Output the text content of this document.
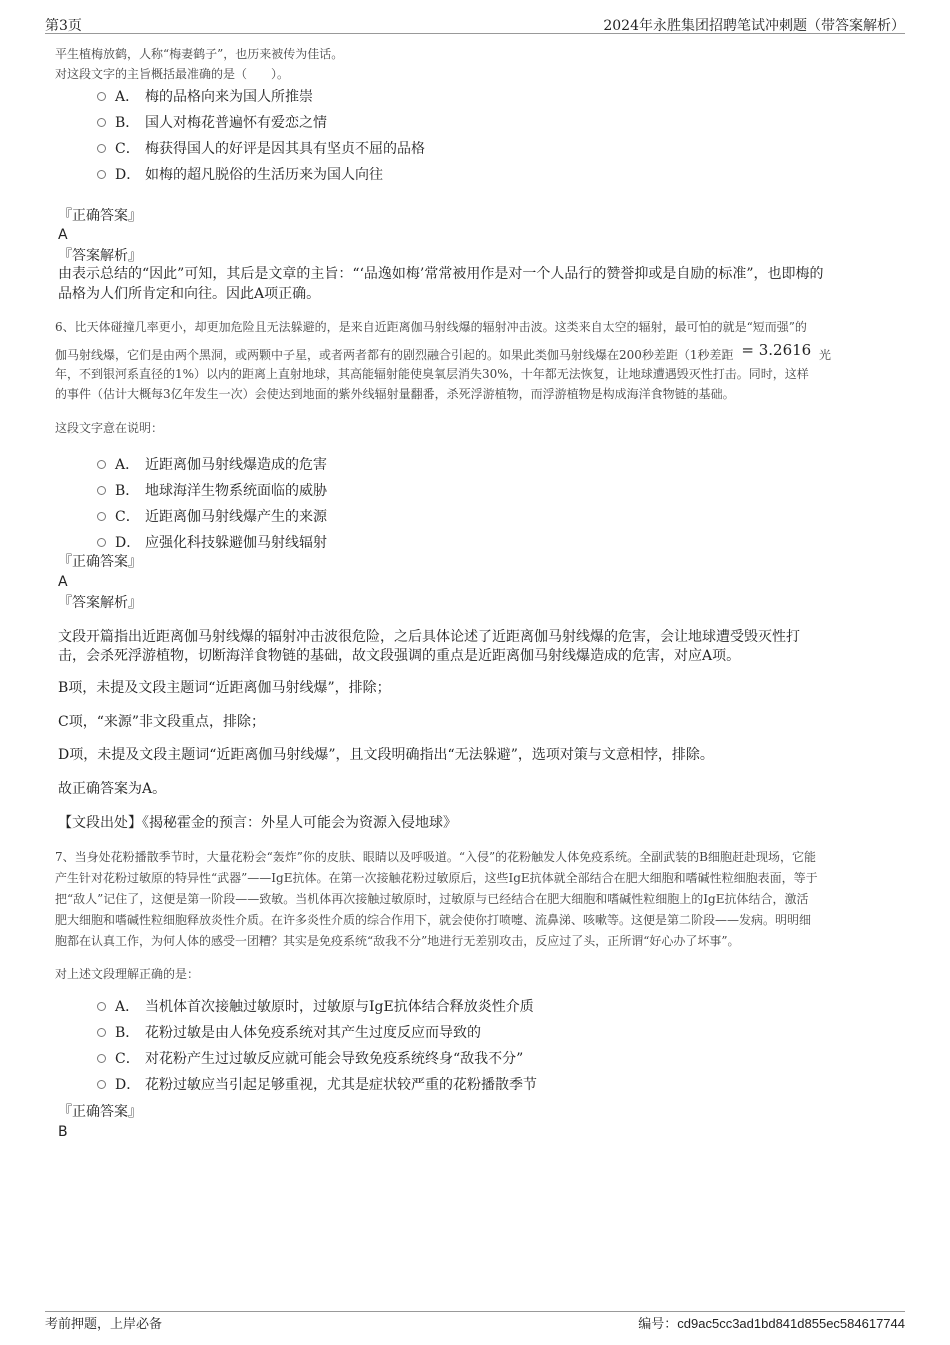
第3页	2024年永胜集团招聘笔试冲刺题（带答案解析）
平生植梅放鹤，人称“梅妻鹤子”，也历来被传为佳话。
对这段文字的主旨概括最准确的是（　　）。
A． 梅的品格向来为国人所推崇
B． 国人对梅花普遍怀有爱恋之情
C． 梅获得国人的好评是因其具有坚贞不屈的品格
D． 如梅的超凡脱俗的生活历来为国人向往
『正确答案』
A
『答案解析』
由表示总结的“因此”可知，其后是文章的主旨：“‘品逸如梅’常常被用作是对一个人品行的赞誉抑或是自励的标准”，也即梅的
品格为人们所肯定和向往。因此A项正确。
6、比天体碰撞几率更小，却更加危险且无法躲避的，是来自近距离伽马射线爆的辐射冲击波。这类来自太空的辐射，最可怕的就是“短而强”的
伽马射线爆，它们是由两个黑洞，或两颗中子星，或者两者都有的剧烈融合引起的。如果此类伽马射线爆在200秒差距（1秒差距 = 3.2616 光
年，不到银河系直径的1%）以内的距离上直射地球，其高能辐射能使臭氧层消失30%，十年都无法恢复，让地球遭遇毁灭性打击。同时，这样
的事件（估计大概每3亿年发生一次）会使达到地面的紫外线辐射量翻番，杀死浮游植物，而浮游植物是构成海洋食物链的基础。
这段文字意在说明：
A． 近距离伽马射线爆造成的危害
B． 地球海洋生物系统面临的威胁
C． 近距离伽马射线爆产生的来源
D． 应强化科技躲避伽马射线辐射
『正确答案』
A
『答案解析』
文段开篇指出近距离伽马射线爆的辐射冲击波很危险，之后具体论述了近距离伽马射线爆的危害，会让地球遭受毁灭性打
击，会杀死浮游植物，切断海洋食物链的基础，故文段强调的重点是近距离伽马射线爆造成的危害，对应A项。
B项，未提及文段主题词“近距离伽马射线爆”，排除；
C项，“来源”非文段重点，排除；
D项，未提及文段主题词“近距离伽马射线爆”，且文段明确指出“无法躲避”，选项对策与文意相悖，排除。
故正确答案为A。
【文段出处】《揭秘霍金的预言：外星人可能会为资源入侵地球》
7、当身处花粉播散季节时，大量花粉会“轰炸”你的皮肤、眼睛以及呼吸道。“入侵”的花粉触发人体免疫系统。全副武装的B细胞赶赴现场，它能
产生针对花粉过敏原的特异性“武器”——IgE抗体。在第一次接触花粉过敏原后，这些IgE抗体就全部结合在肥大细胞和嗜碱性粒细胞表面，等于
把“敌人”记住了，这便是第一阶段——致敏。当机体再次接触过敏原时，过敏原与已经结合在肥大细胞和嗜碱性粒细胞上的IgE抗体结合，激活
肥大细胞和嗜碱性粒细胞释放炎性介质。在许多炎性介质的综合作用下，就会使你打喷嚏、流鼻涕、咳嗽等。这便是第二阶段——发病。明明细
胞都在认真工作，为何人体的感受一团糟？其实是免疫系统“敌我不分”地进行无差别攻击，反应过了头，正所谓“好心办了坏事”。
对上述文段理解正确的是：
A． 当机体首次接触过敏原时，过敏原与IgE抗体结合释放炎性介质
B． 花粉过敏是由人体免疫系统对其产生过度反应而导致的
C． 对花粉产生过过敏反应就可能会导致免疫系统终身“敌我不分”
D． 花粉过敏应当引起足够重视，尤其是症状较严重的花粉播散季节
『正确答案』
B
考前押题，上岸必备	编号：cd9ac5cc3ad1bd841d855ec584617744
